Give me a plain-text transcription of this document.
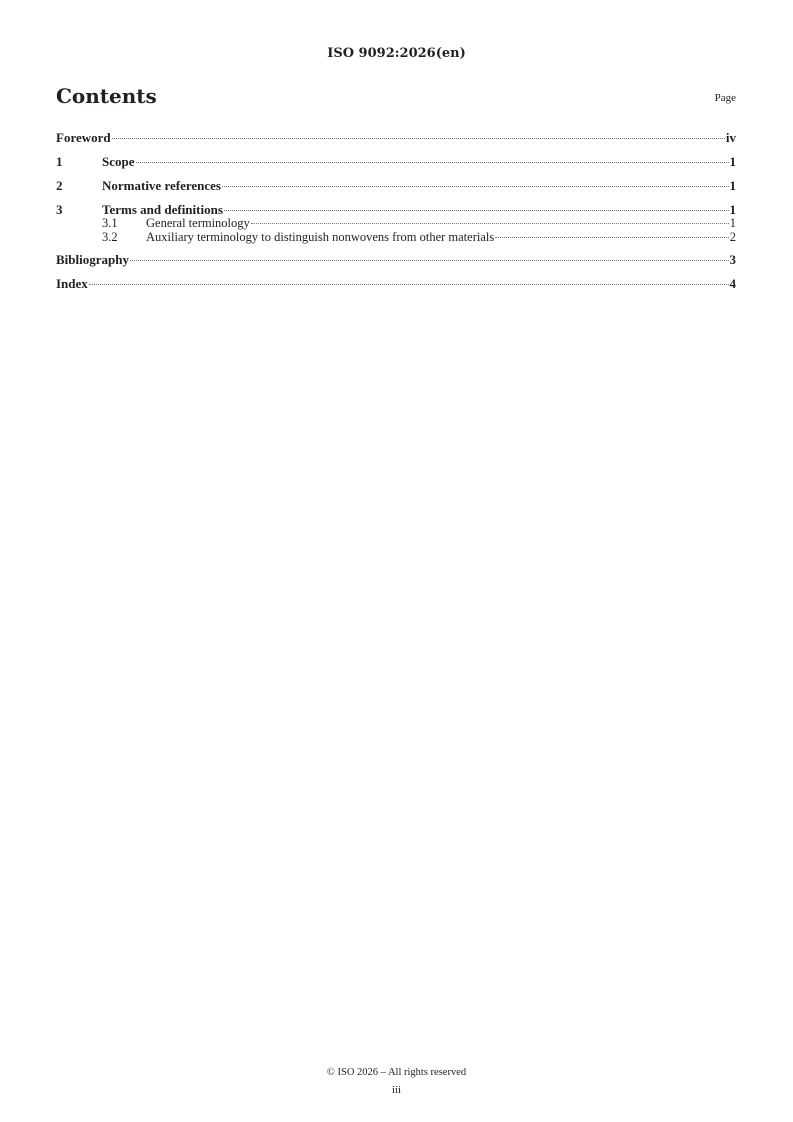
ISO 9092:2026(en)
Contents	Page
Foreword	iv
1	Scope	1
2	Normative references	1
3	Terms and definitions	1
3.1	General terminology	1
3.2	Auxiliary terminology to distinguish nonwovens from other materials	2
Bibliography	3
Index	4
© ISO 2026 – All rights reserved
iii
